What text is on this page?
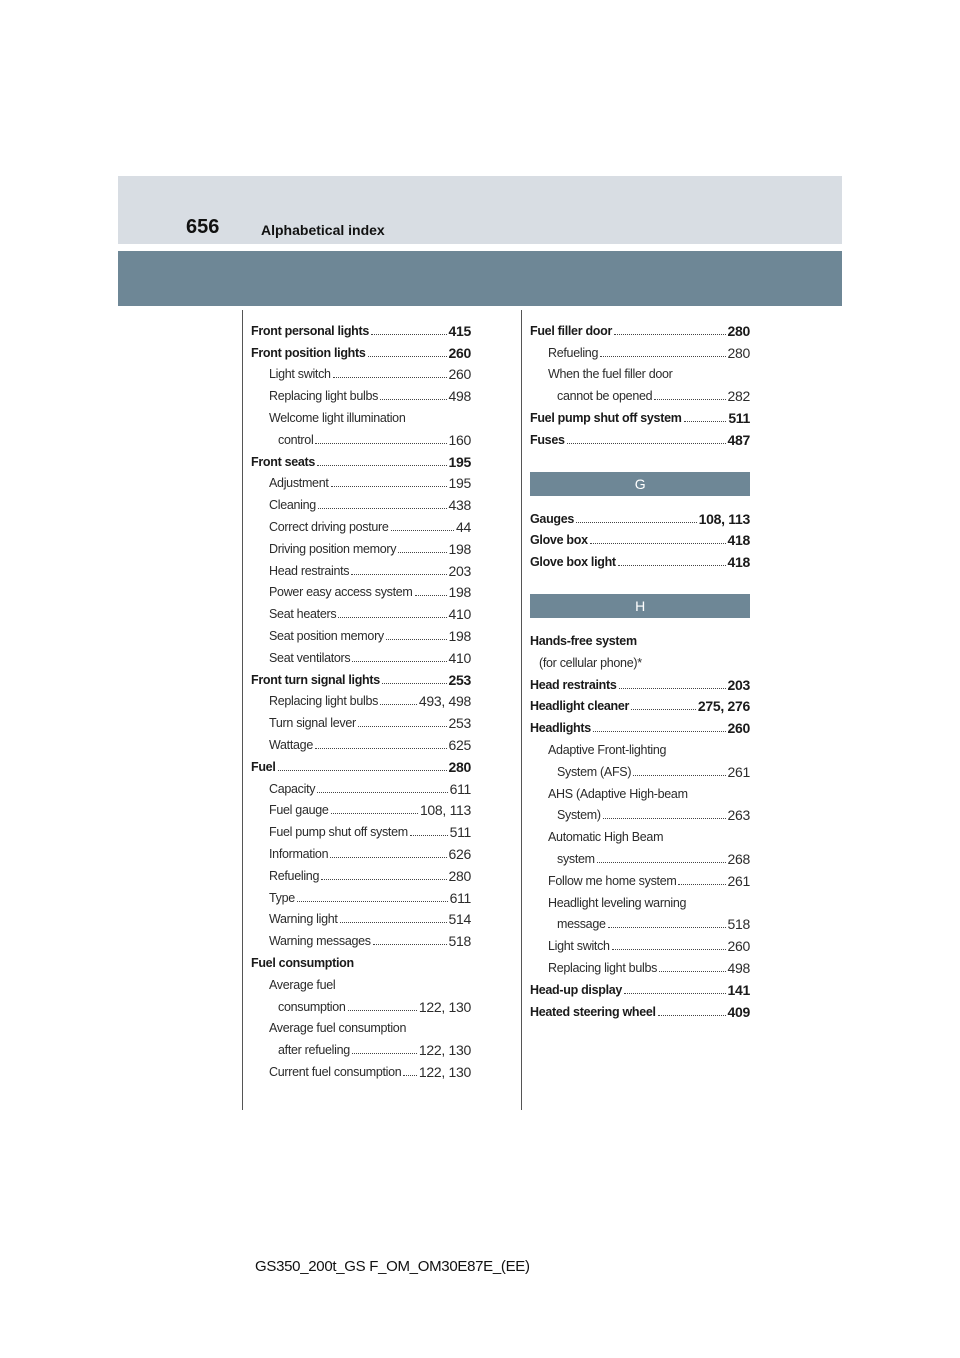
656	Alphabetical index
Front personal lights	415
Front position lights	260
Light switch	260
Replacing light bulbs	498
Welcome light illumination
control	160
Front seats	195
Adjustment	195
Cleaning	438
Correct driving posture	44
Driving position memory	198
Head restraints	203
Power easy access system	198
Seat heaters	410
Seat position memory	198
Seat ventilators	410
Front turn signal lights	253
Replacing light bulbs	493, 498
Turn signal lever	253
Wattage	625
Fuel	280
Capacity	611
Fuel gauge	108, 113
Fuel pump shut off system	511
Information	626
Refueling	280
Type	611
Warning light	514
Warning messages	518
Fuel consumption
Average fuel
consumption	122, 130
Average fuel consumption
after refueling	122, 130
Current fuel consumption 122, 130
Fuel filler door	280
Refueling	280
When the fuel filler door
cannot be opened	282
Fuel pump shut off system	511
Fuses	487
G
Gauges	108, 113
Glove box	418
Glove box light	418
H
Hands-free system
(for cellular phone)*
Head restraints	203
Headlight cleaner	275, 276
Headlights	260
Adaptive Front-lighting
System (AFS)	261
AHS (Adaptive High-beam
System)	263
Automatic High Beam
system	268
Follow me home system	261
Headlight leveling warning
message	518
Light switch	260
Replacing light bulbs	498
Head-up display	141
Heated steering wheel	409
GS350_200t_GS F_OM_OM30E87E_(EE)
